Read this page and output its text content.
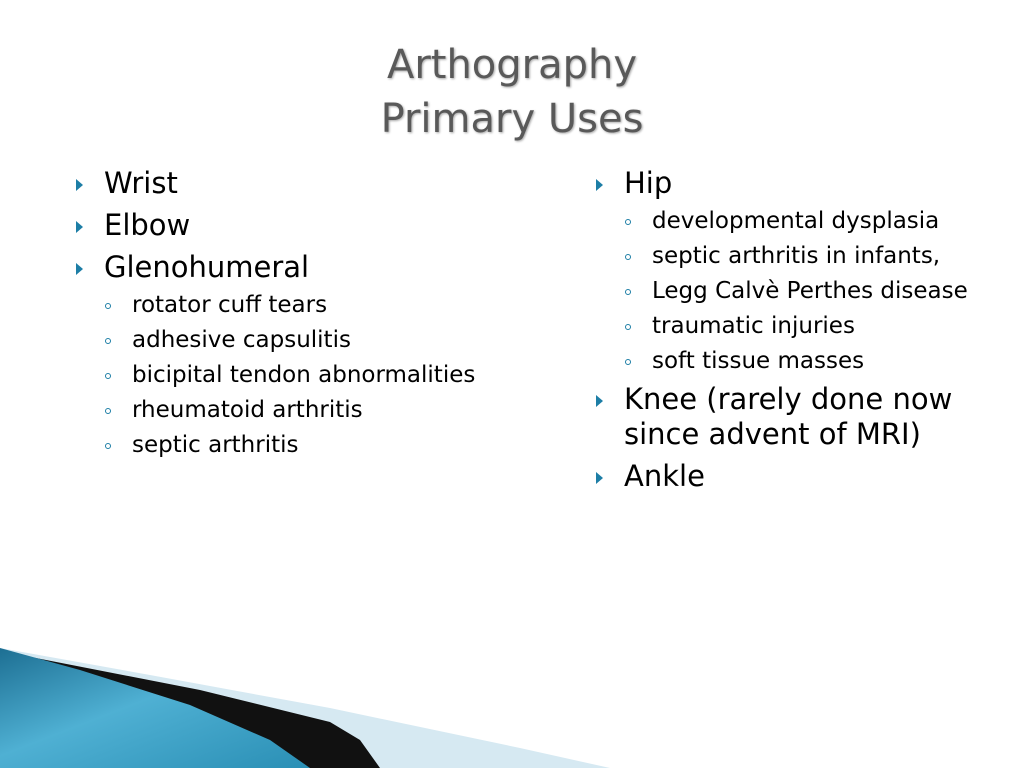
Arthography
Primary Uses
Wrist
Elbow
Glenohumeral
rotator cuff tears
adhesive capsulitis
bicipital tendon abnormalities
rheumatoid arthritis
septic arthritis
Hip
developmental dysplasia
septic arthritis in infants,
Legg Calvè Perthes disease
traumatic injuries
soft tissue masses
Knee (rarely done now since advent of MRI)
Ankle
